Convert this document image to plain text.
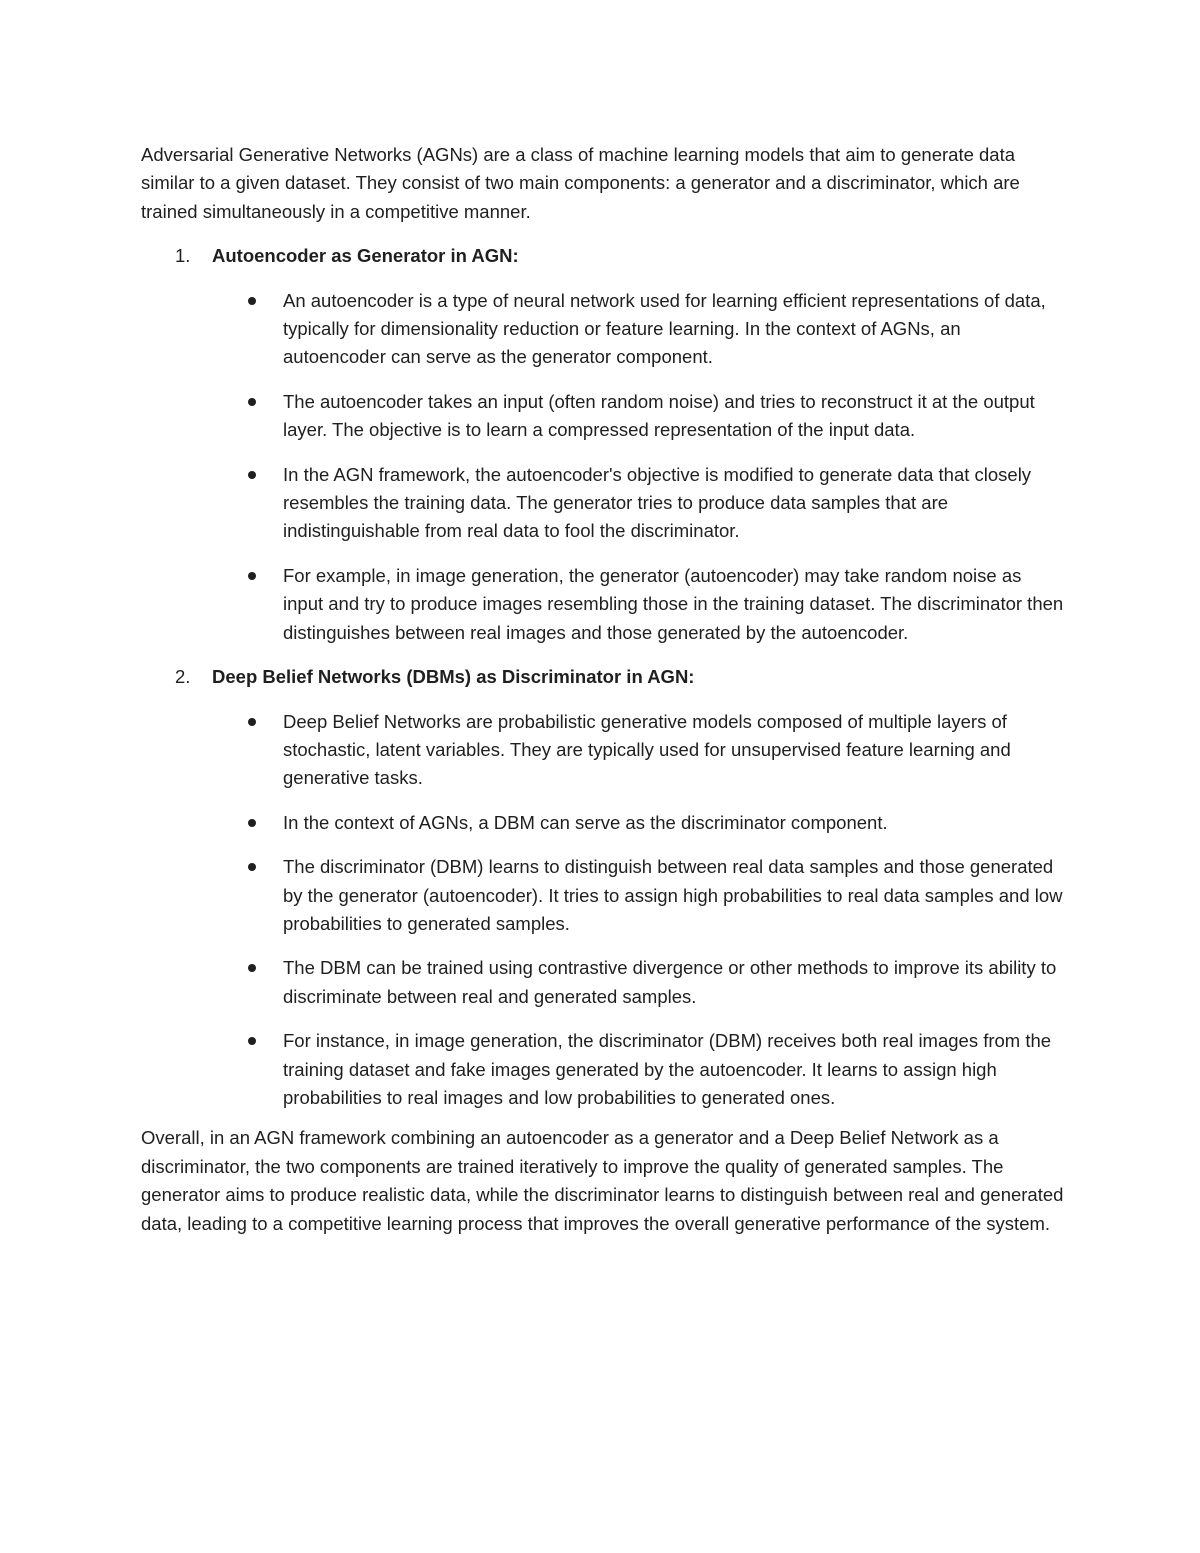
Adversarial Generative Networks (AGNs) are a class of machine learning models that aim to generate data similar to a given dataset. They consist of two main components: a generator and a discriminator, which are trained simultaneously in a competitive manner.

1. Autoencoder as Generator in AGN:
An autoencoder is a type of neural network used for learning efficient representations of data, typically for dimensionality reduction or feature learning. In the context of AGNs, an autoencoder can serve as the generator component.
The autoencoder takes an input (often random noise) and tries to reconstruct it at the output layer. The objective is to learn a compressed representation of the input data.
In the AGN framework, the autoencoder's objective is modified to generate data that closely resembles the training data. The generator tries to produce data samples that are indistinguishable from real data to fool the discriminator.
For example, in image generation, the generator (autoencoder) may take random noise as input and try to produce images resembling those in the training dataset. The discriminator then distinguishes between real images and those generated by the autoencoder.
2. Deep Belief Networks (DBMs) as Discriminator in AGN:
Deep Belief Networks are probabilistic generative models composed of multiple layers of stochastic, latent variables. They are typically used for unsupervised feature learning and generative tasks.
In the context of AGNs, a DBM can serve as the discriminator component.
The discriminator (DBM) learns to distinguish between real data samples and those generated by the generator (autoencoder). It tries to assign high probabilities to real data samples and low probabilities to generated samples.
The DBM can be trained using contrastive divergence or other methods to improve its ability to discriminate between real and generated samples.
For instance, in image generation, the discriminator (DBM) receives both real images from the training dataset and fake images generated by the autoencoder. It learns to assign high probabilities to real images and low probabilities to generated ones.

Overall, in an AGN framework combining an autoencoder as a generator and a Deep Belief Network as a discriminator, the two components are trained iteratively to improve the quality of generated samples. The generator aims to produce realistic data, while the discriminator learns to distinguish between real and generated data, leading to a competitive learning process that improves the overall generative performance of the system.
